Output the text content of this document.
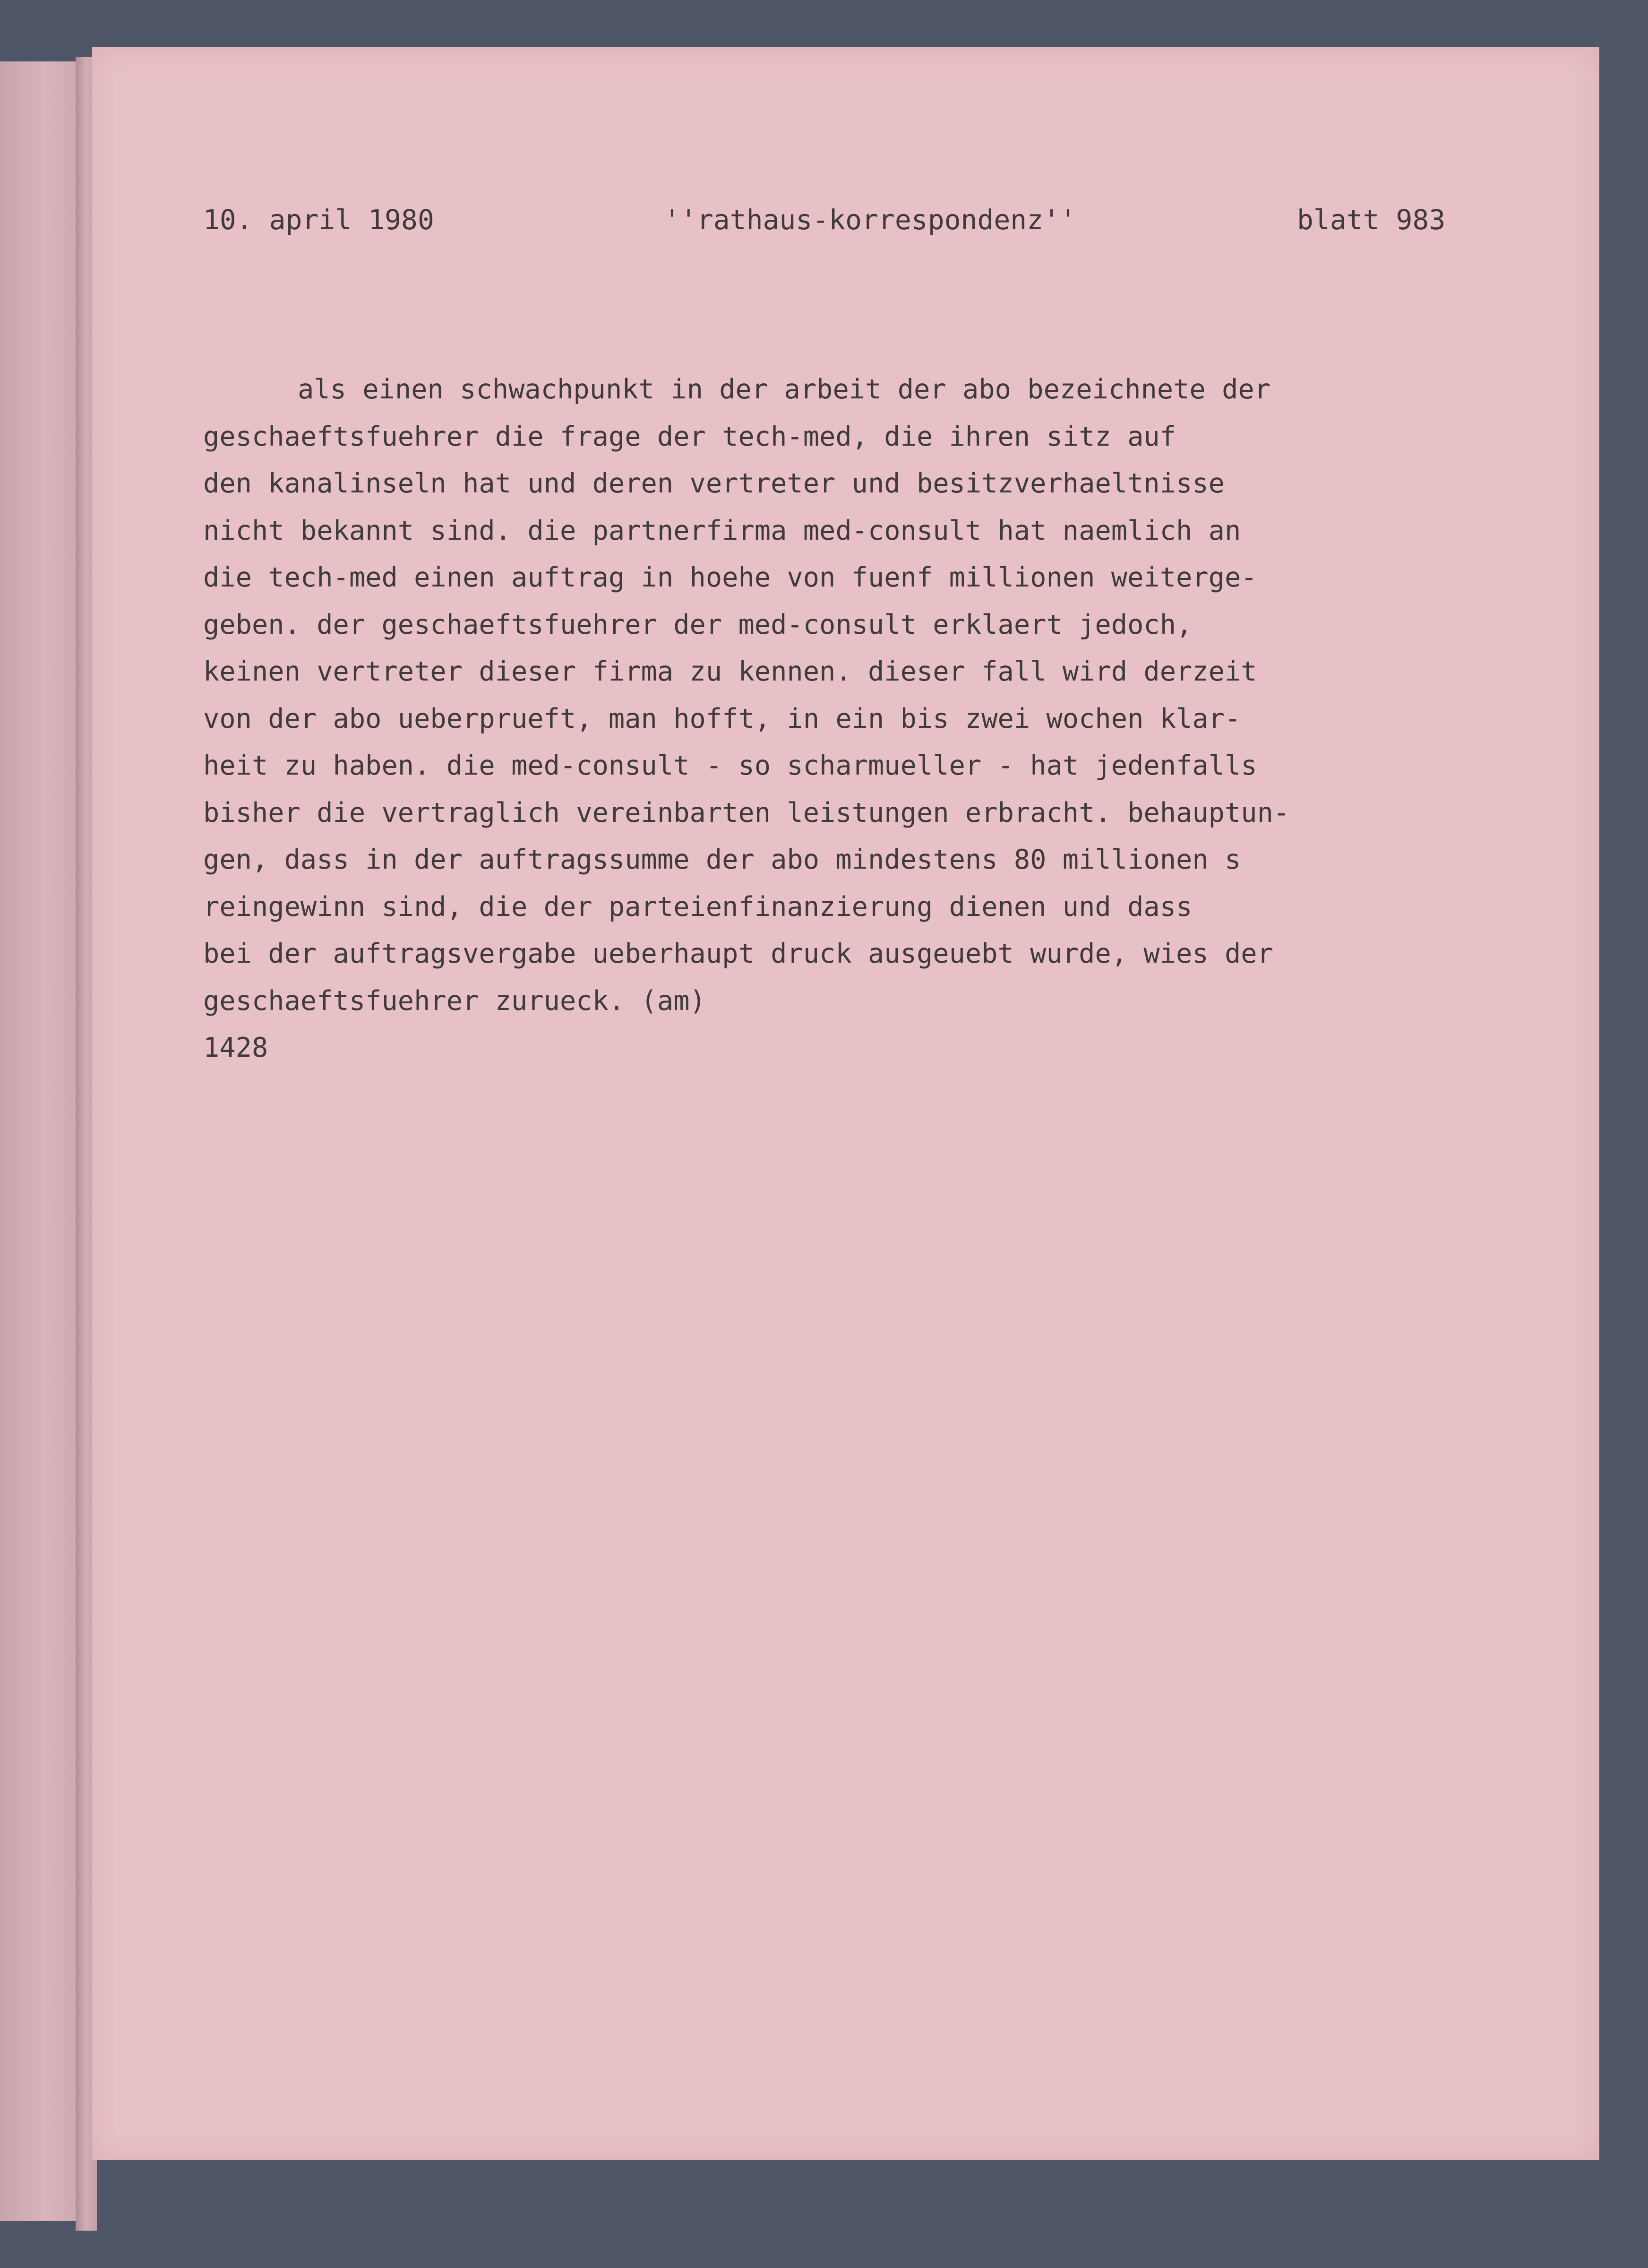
10. april 1980	''rathaus-korrespondenz''	blatt 983
als einen schwachpunkt in der arbeit der abo bezeichnete der
geschaeftsfuehrer die frage der tech-med, die ihren sitz auf
den kanalinseln hat und deren vertreter und besitzverhaeltnisse
nicht bekannt sind. die partnerfirma med-consult hat naemlich an
die tech-med einen auftrag in hoehe von fuenf millionen weiterge-
geben. der geschaeftsfuehrer der med-consult erklaert jedoch,
keinen vertreter dieser firma zu kennen. dieser fall wird derzeit
von der abo ueberprueft, man hofft, in ein bis zwei wochen klar-
heit zu haben. die med-consult - so scharmueller - hat jedenfalls
bisher die vertraglich vereinbarten leistungen erbracht. behauptun-
gen, dass in der auftragssumme der abo mindestens 80 millionen s
reingewinn sind, die der parteienfinanzierung dienen und dass
bei der auftragsvergabe ueberhaupt druck ausgeuebt wurde, wies der
geschaeftsfuehrer zurueck. (am)
1428
